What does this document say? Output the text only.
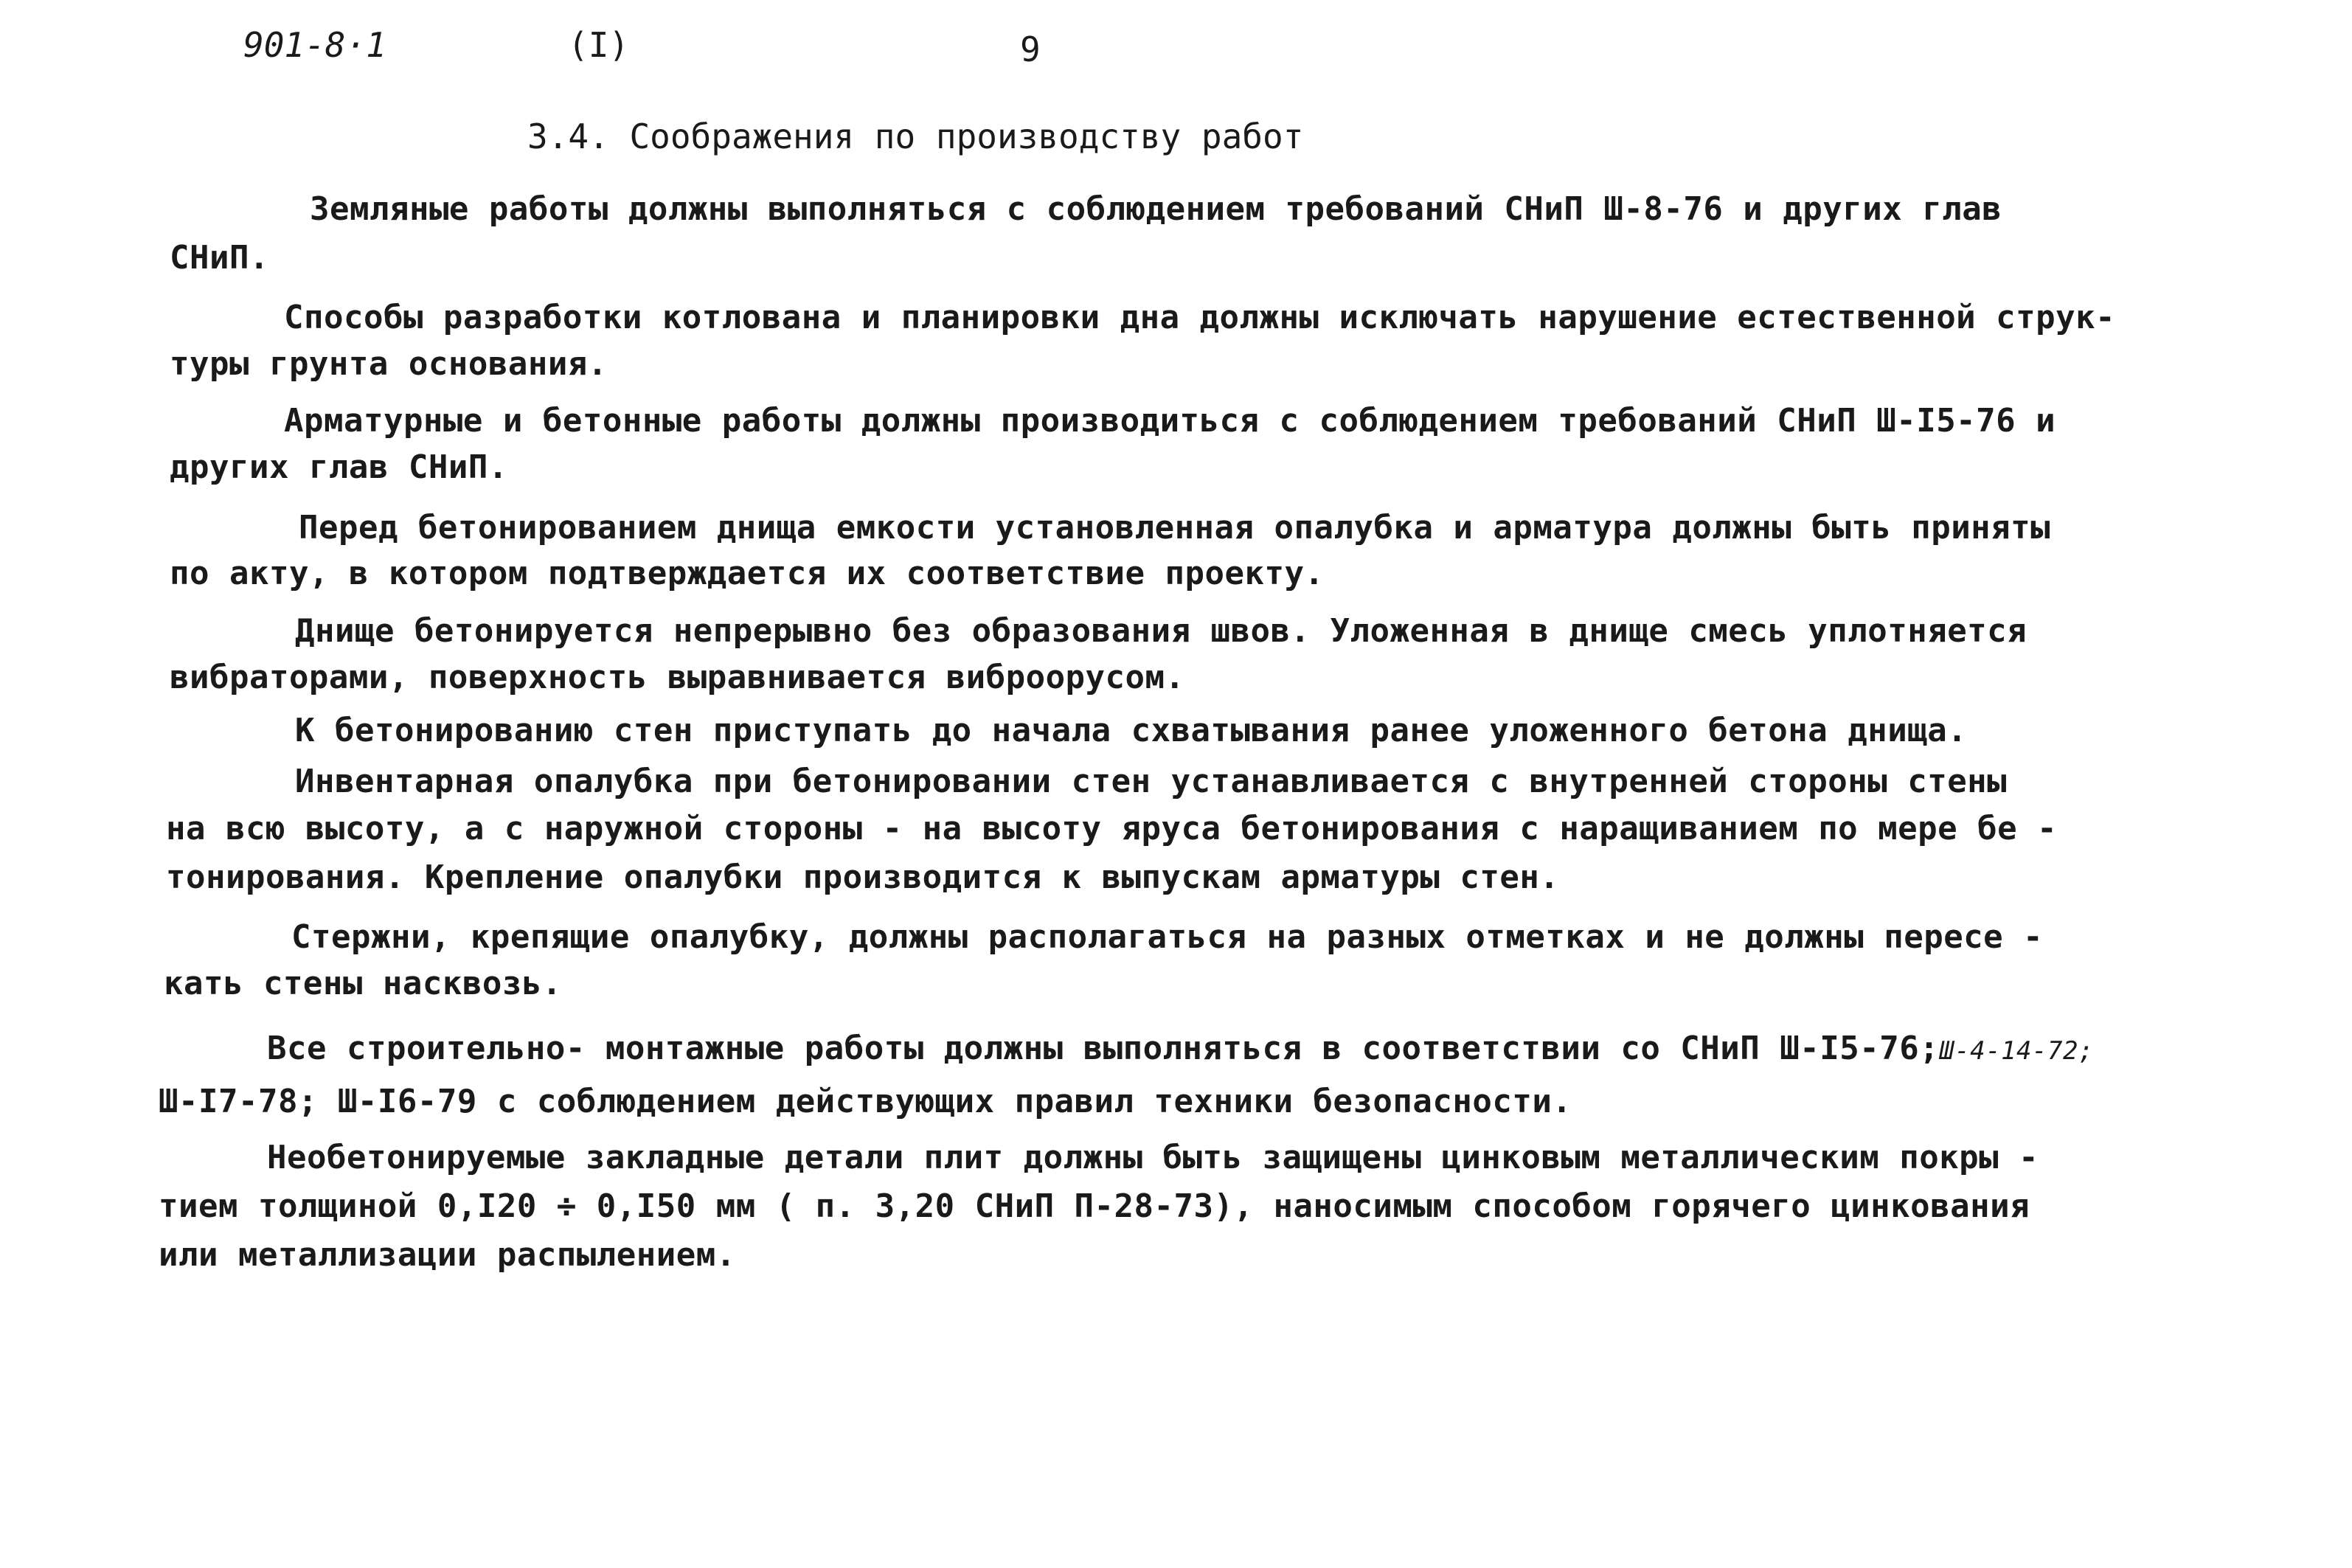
901-8·1	(I)	9
3.4. Соображения по производству работ
Земляные работы должны выполняться с соблюдением требований СНиП Ш-8-76 и других глав
СНиП.
Способы разработки котлована и планировки дна должны исключать нарушение естественной струк-
туры грунта основания.
Арматурные и бетонные работы должны производиться с соблюдением требований СНиП Ш-I5-76 и
других глав СНиП.
Перед бетонированием днища емкости установленная опалубка и арматура должны быть приняты
по акту, в котором подтверждается их соответствие проекту.
Днище бетонируется непрерывно без образования швов. Уложенная в днище смесь уплотняется
вибраторами, поверхность выравнивается виброорусом.
К бетонированию стен приступать до начала схватывания ранее уложенного бетона днища.
Инвентарная опалубка при бетонировании стен устанавливается с внутренней стороны стены
на всю высоту, а с наружной стороны - на высоту яруса бетонирования с наращиванием по мере бе -
тонирования. Крепление опалубки производится к выпускам арматуры стен.
Стержни, крепящие опалубку, должны располагаться на разных отметках и не должны пересе -
кать стены насквозь.
Все строительно- монтажные работы должны выполняться в соответствии со СНиП Ш-I5-76;Ш-4-14-72;
Ш-I7-78; Ш-I6-79 с соблюдением действующих правил техники безопасности.
Необетонируемые закладные детали плит должны быть защищены цинковым металлическим покры -
тием толщиной 0,I20 ÷ 0,I50 мм ( п. 3,20 СНиП П-28-73), наносимым способом горячего цинкования
или металлизации распылением.
